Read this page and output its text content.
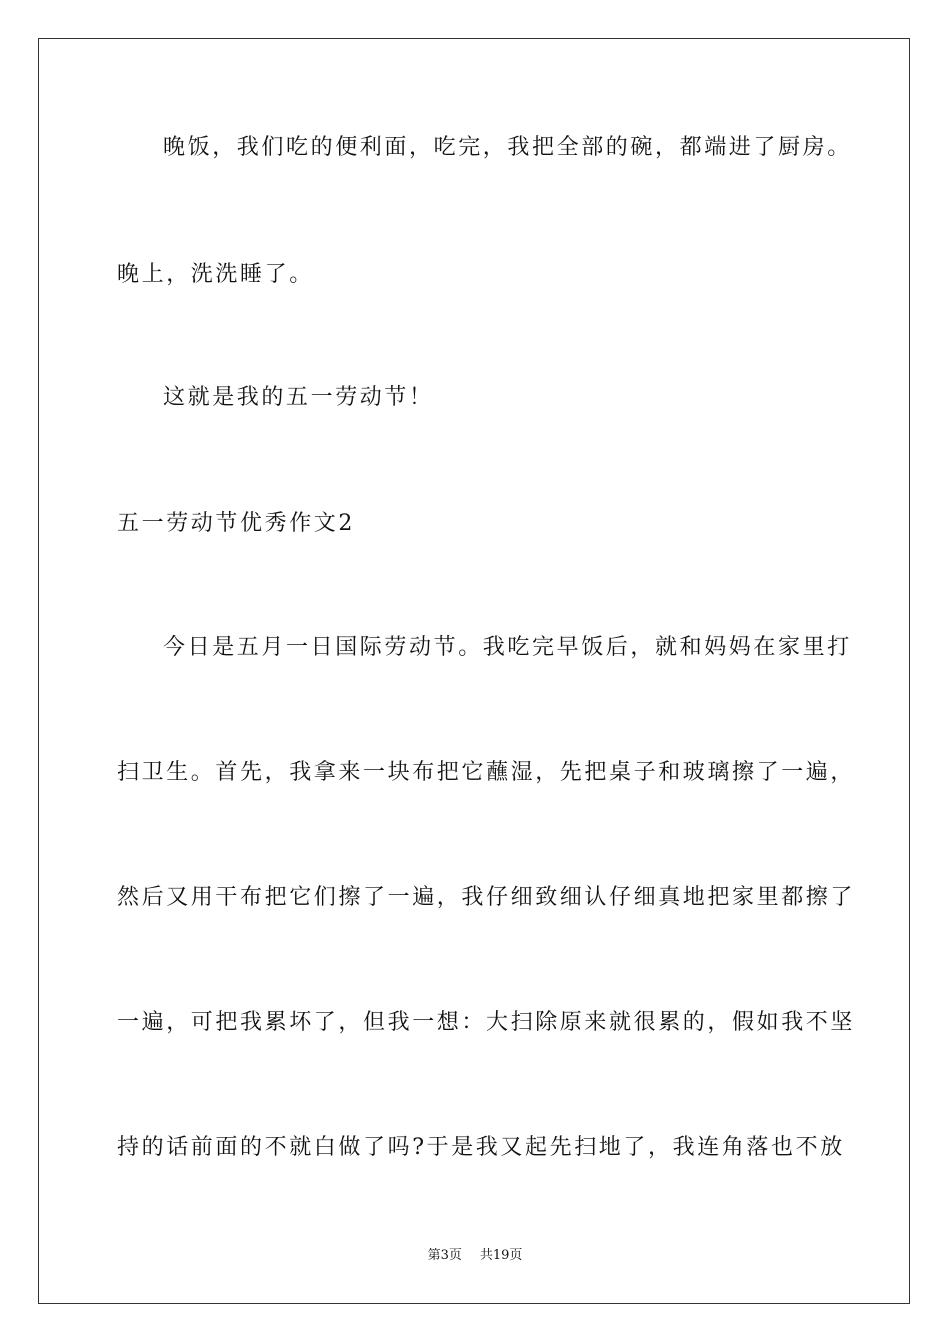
晚饭，我们吃的便利面，吃完，我把全部的碗，都端进了厨房。
晚上，洗洗睡了。
这就是我的五一劳动节！
五一劳动节优秀作文2
今日是五月一日国际劳动节。我吃完早饭后，就和妈妈在家里打
扫卫生。首先，我拿来一块布把它蘸湿，先把桌子和玻璃擦了一遍，
然后又用干布把它们擦了一遍，我仔细致细认仔细真地把家里都擦了
一遍，可把我累坏了，但我一想：大扫除原来就很累的，假如我不坚
持的话前面的不就白做了吗?于是我又起先扫地了，我连角落也不放
第3页 共19页
